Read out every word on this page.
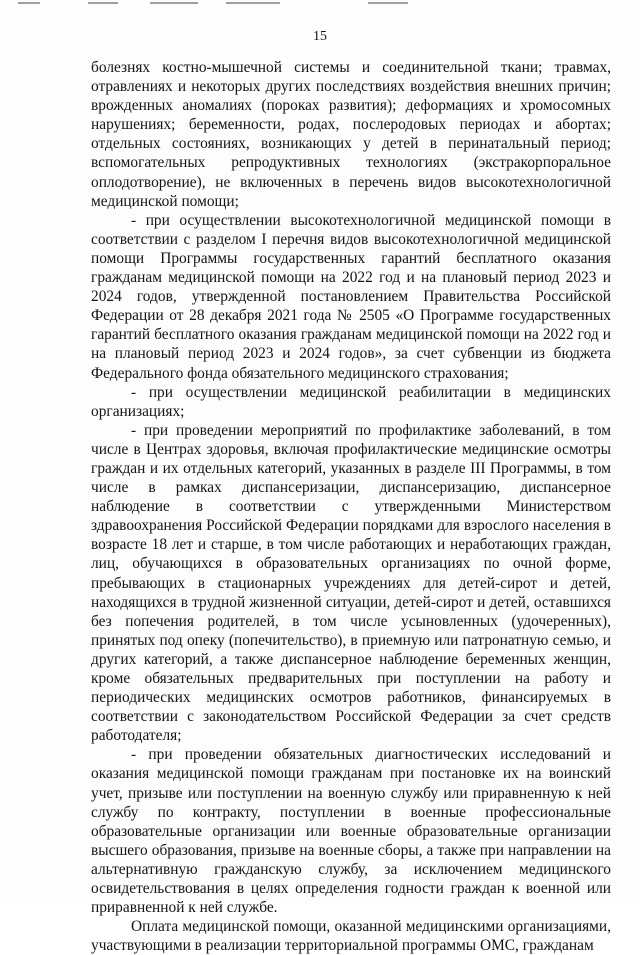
15

болезнях костно-мышечной системы и соединительной ткани; травмах, отравлениях и некоторых других последствиях воздействия внешних причин; врожденных аномалиях (пороках развития); деформациях и хромосомных нарушениях; беременности, родах, послеродовых периодах и абортах; отдельных состояниях, возникающих у детей в перинатальный период; вспомогательных репродуктивных технологиях (экстракорпоральное оплодотворение), не включенных в перечень видов высокотехнологичной медицинской помощи;

- при осуществлении высокотехнологичной медицинской помощи в соответствии с разделом I перечня видов высокотехнологичной медицинской помощи Программы государственных гарантий бесплатного оказания гражданам медицинской помощи на 2022 год и на плановый период 2023 и 2024 годов, утвержденной постановлением Правительства Российской Федерации от 28 декабря 2021 года № 2505 «О Программе государственных гарантий бесплатного оказания гражданам медицинской помощи на 2022 год и на плановый период 2023 и 2024 годов», за счет субвенции из бюджета Федерального фонда обязательного медицинского страхования;

- при осуществлении медицинской реабилитации в медицинских организациях;

- при проведении мероприятий по профилактике заболеваний, в том числе в Центрах здоровья, включая профилактические медицинские осмотры граждан и их отдельных категорий, указанных в разделе III Программы, в том числе в рамках диспансеризации, диспансеризацию, диспансерное наблюдение в соответствии с утвержденными Министерством здравоохранения Российской Федерации порядками для взрослого населения в возрасте 18 лет и старше, в том числе работающих и неработающих граждан, лиц, обучающихся в образовательных организациях по очной форме, пребывающих в стационарных учреждениях для детей-сирот и детей, находящихся в трудной жизненной ситуации, детей-сирот и детей, оставшихся без попечения родителей, в том числе усыновленных (удочеренных), принятых под опеку (попечительство), в приемную или патронатную семью, и других категорий, а также диспансерное наблюдение беременных женщин, кроме обязательных предварительных при поступлении на работу и периодических медицинских осмотров работников, финансируемых в соответствии с законодательством Российской Федерации за счет средств работодателя;

- при проведении обязательных диагностических исследований и оказания медицинской помощи гражданам при постановке их на воинский учет, призыве или поступлении на военную службу или приравненную к ней службу по контракту, поступлении в военные профессиональные образовательные организации или военные образовательные организации высшего образования, призыве на военные сборы, а также при направлении на альтернативную гражданскую службу, за исключением медицинского освидетельствования в целях определения годности граждан к военной или приравненной к ней службе.

Оплата медицинской помощи, оказанной медицинскими организациями, участвующими в реализации территориальной программы ОМС, гражданам
